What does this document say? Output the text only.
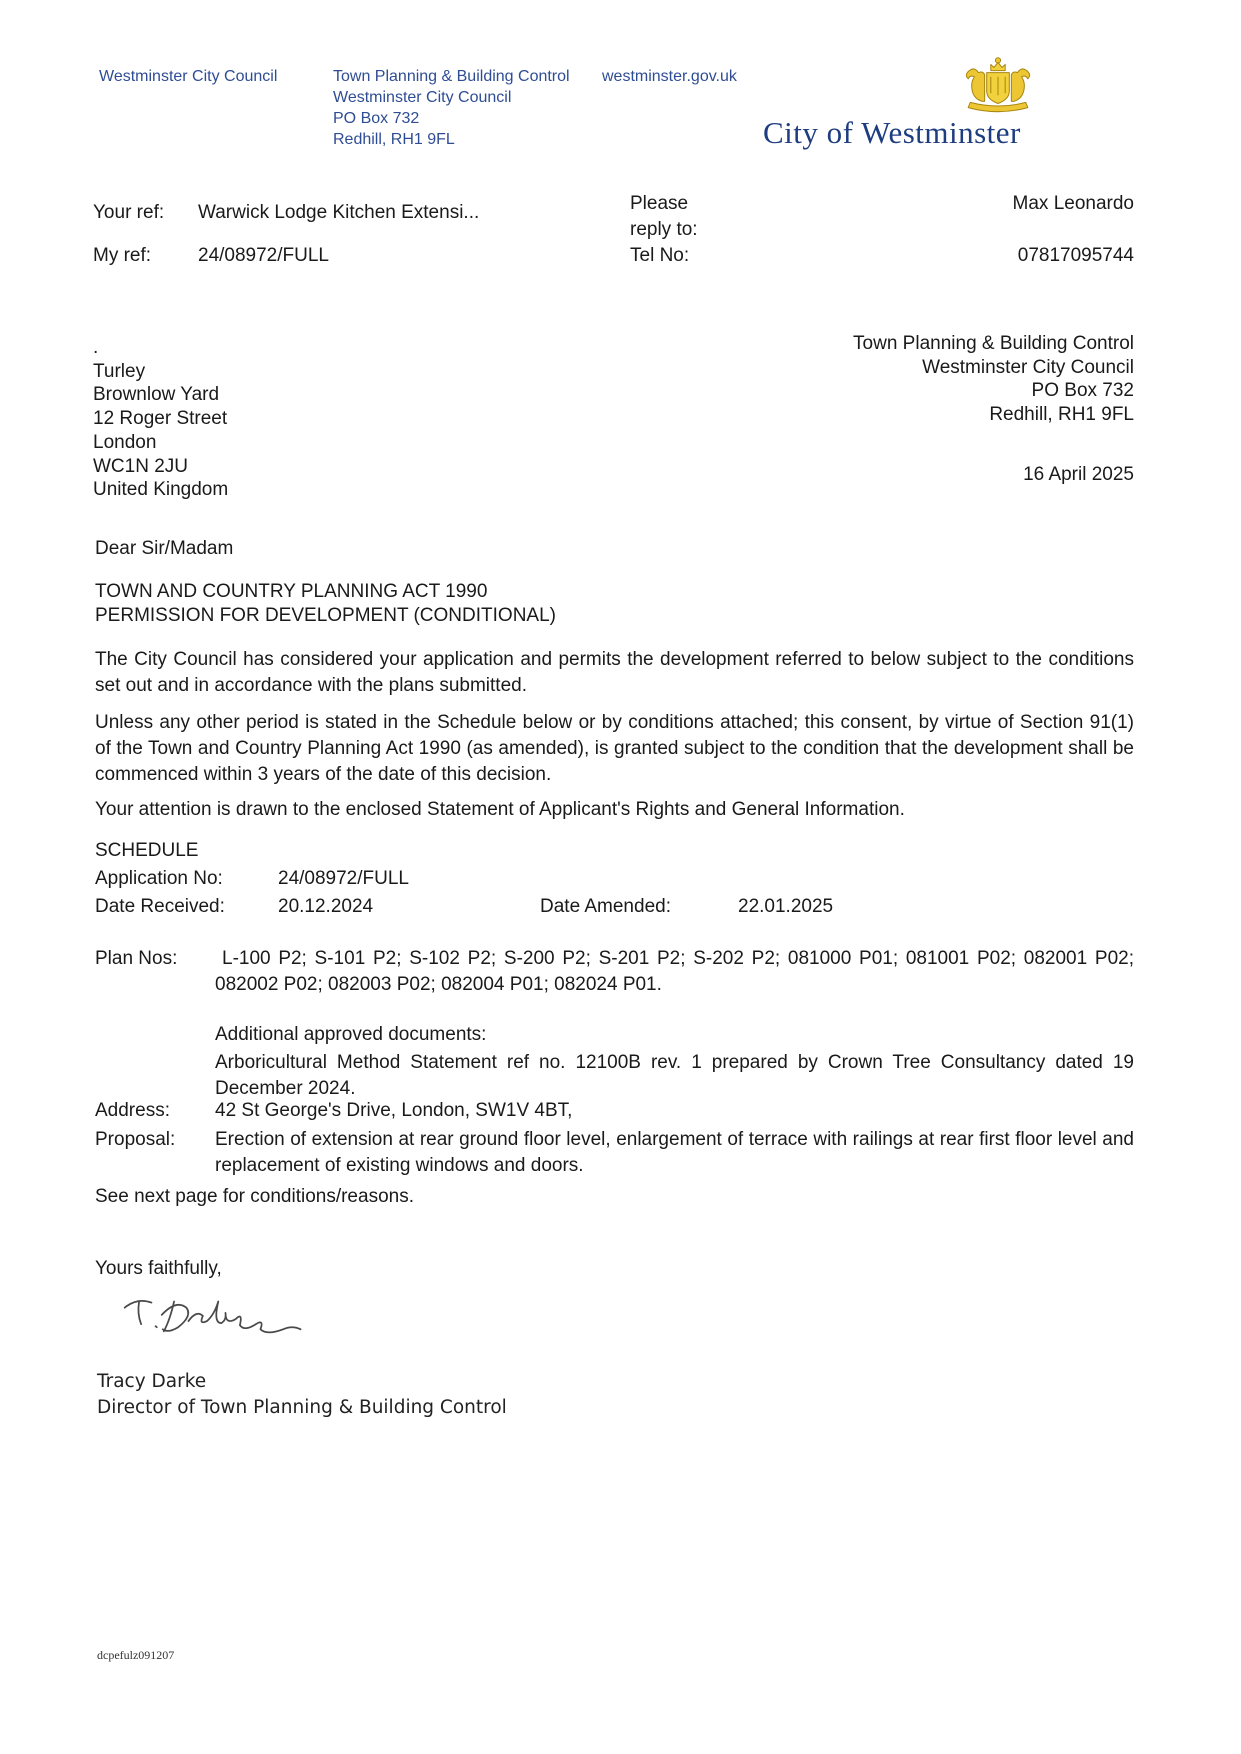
Westminster City Council	Town Planning & Building Control
Westminster City Council
PO Box 732
Redhill, RH1 9FL
westminster.gov.uk
City of Westminster
Your ref: Warwick Lodge Kitchen Extensi...
My ref: 24/08972/FULL
Please reply to:
Max Leonardo
Tel No:	07817095744
.
Turley
Brownlow Yard
12 Roger Street
London
WC1N 2JU
United Kingdom
Town Planning & Building Control
Westminster City Council
PO Box 732
Redhill, RH1 9FL
16 April 2025
Dear Sir/Madam
TOWN AND COUNTRY PLANNING ACT 1990
PERMISSION FOR DEVELOPMENT (CONDITIONAL)
The City Council has considered your application and permits the development referred to below subject to the conditions set out and in accordance with the plans submitted.
Unless any other period is stated in the Schedule below or by conditions attached; this consent, by virtue of Section 91(1) of the Town and Country Planning Act 1990 (as amended), is granted subject to the condition that the development shall be commenced within 3 years of the date of this decision.
Your attention is drawn to the enclosed Statement of Applicant's Rights and General Information.
SCHEDULE
Application No:	24/08972/FULL
Date Received:	20.12.2024	Date Amended:	22.01.2025
Plan Nos:	L-100 P2; S-101 P2; S-102 P2; S-200 P2; S-201 P2; S-202 P2; 081000 P01; 081001 P02; 082001 P02; 082002 P02; 082003 P02; 082004 P01; 082024 P01.
Additional approved documents:
Arboricultural Method Statement ref no. 12100B rev. 1 prepared by Crown Tree Consultancy dated 19 December 2024.
Address: 42 St George's Drive, London, SW1V 4BT,
Proposal: Erection of extension at rear ground floor level, enlargement of terrace with railings at rear first floor level and replacement of existing windows and doors.
See next page for conditions/reasons.
Yours faithfully,
Tracy Darke
Director of Town Planning & Building Control
dcpefulz091207
